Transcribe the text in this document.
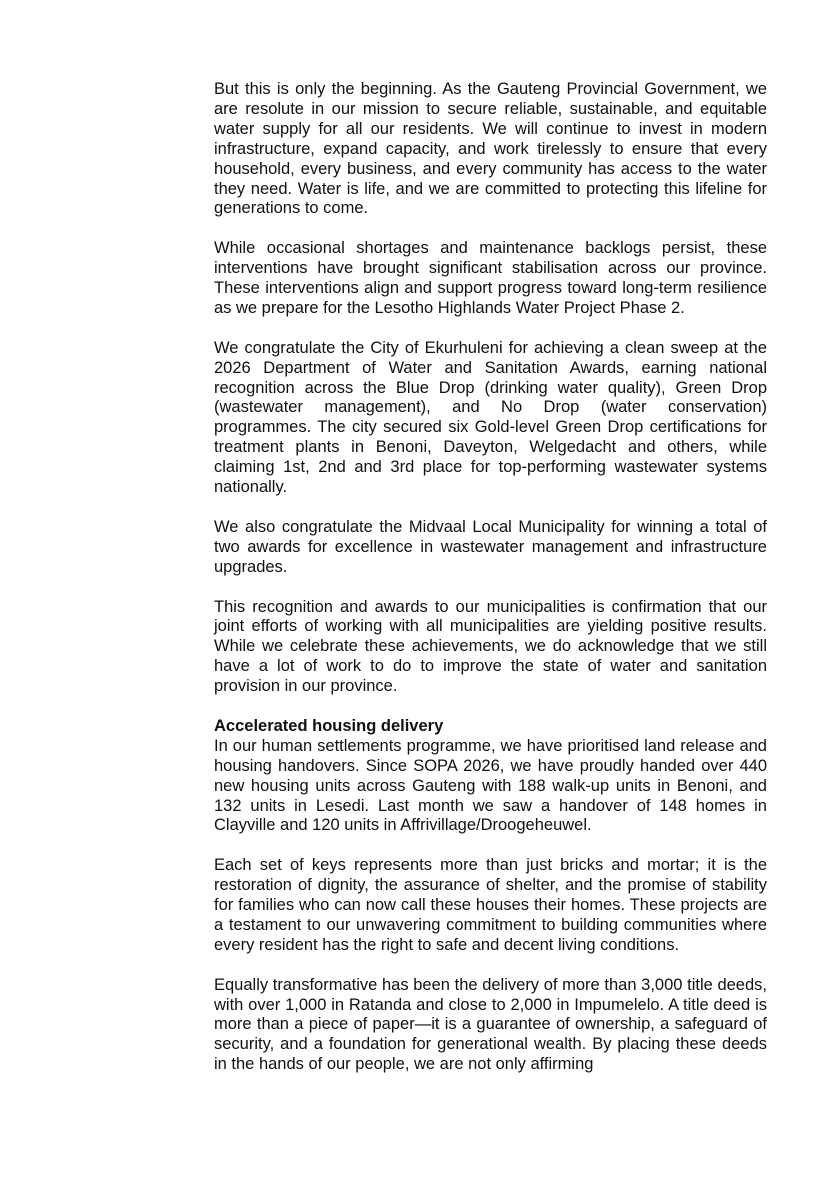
But this is only the beginning. As the Gauteng Provincial Government, we are resolute in our mission to secure reliable, sustainable, and equitable water supply for all our residents. We will continue to invest in modern infrastructure, expand capacity, and work tirelessly to ensure that every household, every business, and every community has access to the water they need. Water is life, and we are committed to protecting this lifeline for generations to come.

While occasional shortages and maintenance backlogs persist, these interventions have brought significant stabilisation across our province. These interventions align and support progress toward long-term resilience as we prepare for the Lesotho Highlands Water Project Phase 2.

We congratulate the City of Ekurhuleni for achieving a clean sweep at the 2026 Department of Water and Sanitation Awards, earning national recognition across the Blue Drop (drinking water quality), Green Drop (wastewater management), and No Drop (water conservation) programmes. The city secured six Gold-level Green Drop certifications for treatment plants in Benoni, Daveyton, Welgedacht and others, while claiming 1st, 2nd and 3rd place for top-performing wastewater systems nationally.

We also congratulate the Midvaal Local Municipality for winning a total of two awards for excellence in wastewater management and infrastructure upgrades.

This recognition and awards to our municipalities is confirmation that our joint efforts of working with all municipalities are yielding positive results. While we celebrate these achievements, we do acknowledge that we still have a lot of work to do to improve the state of water and sanitation provision in our province.

Accelerated housing delivery

In our human settlements programme, we have prioritised land release and housing handovers. Since SOPA 2026, we have proudly handed over 440 new housing units across Gauteng with 188 walk-up units in Benoni, and 132 units in Lesedi. Last month we saw a handover of 148 homes in Clayville and 120 units in Affrivillage/Droogeheuwel.

Each set of keys represents more than just bricks and mortar; it is the restoration of dignity, the assurance of shelter, and the promise of stability for families who can now call these houses their homes. These projects are a testament to our unwavering commitment to building communities where every resident has the right to safe and decent living conditions.

Equally transformative has been the delivery of more than 3,000 title deeds, with over 1,000 in Ratanda and close to 2,000 in Impumelelo. A title deed is more than a piece of paper—it is a guarantee of ownership, a safeguard of security, and a foundation for generational wealth. By placing these deeds in the hands of our people, we are not only affirming
